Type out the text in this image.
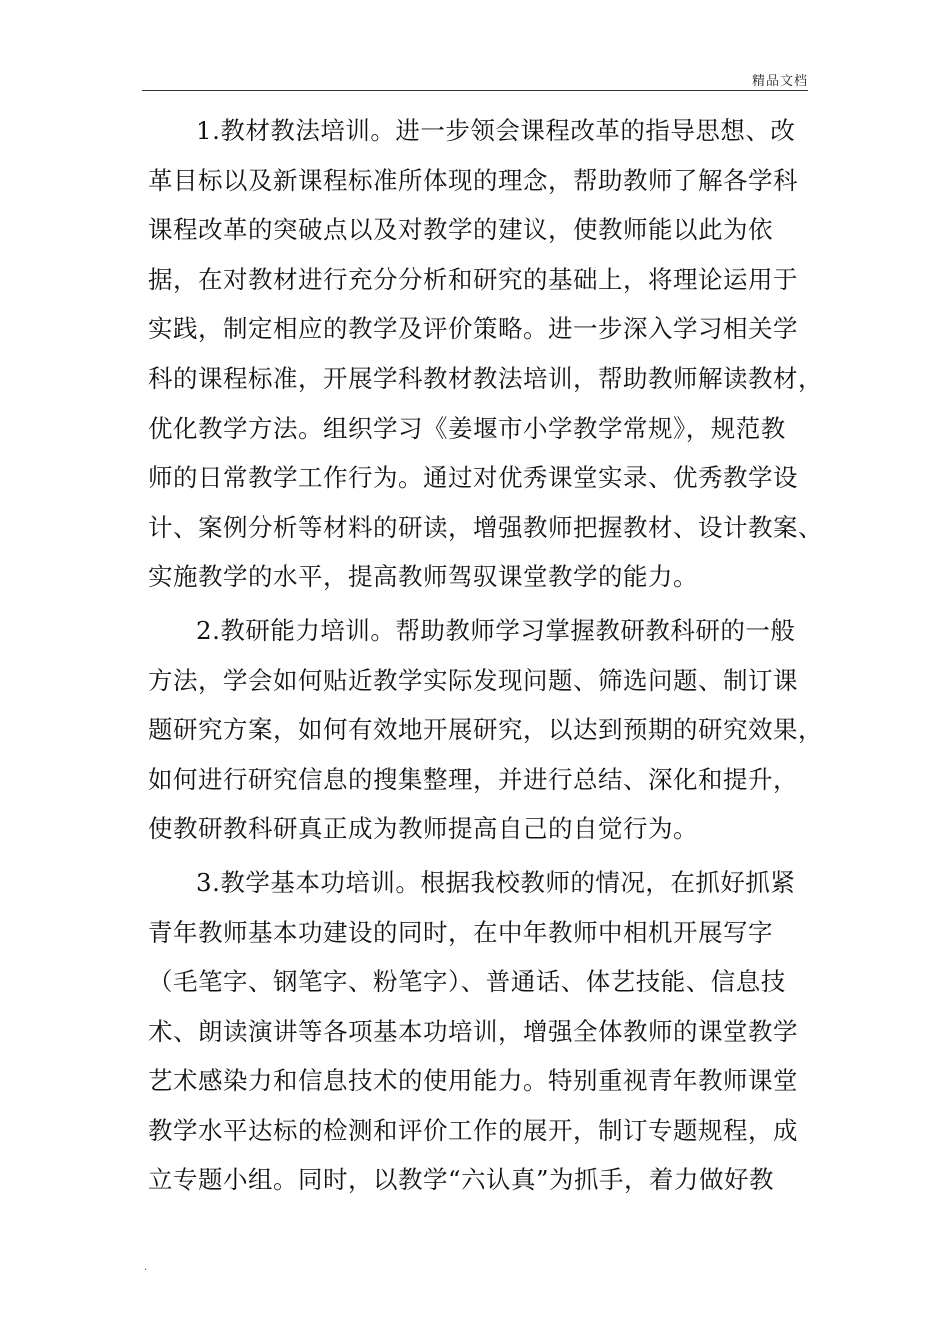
精品文档
1.教材教法培训。进一步领会课程改革的指导思想、改
革目标以及新课程标准所体现的理念，帮助教师了解各学科
课程改革的突破点以及对教学的建议，使教师能以此为依
据，在对教材进行充分分析和研究的基础上，将理论运用于
实践，制定相应的教学及评价策略。进一步深入学习相关学
科的课程标准，开展学科教材教法培训，帮助教师解读教材，
优化教学方法。组织学习《姜堰市小学教学常规》，规范教
师的日常教学工作行为。通过对优秀课堂实录、优秀教学设
计、案例分析等材料的研读，增强教师把握教材、设计教案、
实施教学的水平，提高教师驾驭课堂教学的能力。
2.教研能力培训。帮助教师学习掌握教研教科研的一般
方法，学会如何贴近教学实际发现问题、筛选问题、制订课
题研究方案，如何有效地开展研究，以达到预期的研究效果，
如何进行研究信息的搜集整理，并进行总结、深化和提升，
使教研教科研真正成为教师提高自己的自觉行为。
3.教学基本功培训。根据我校教师的情况，在抓好抓紧
青年教师基本功建设的同时，在中年教师中相机开展写字
（毛笔字、钢笔字、粉笔字）、普通话、体艺技能、信息技
术、朗读演讲等各项基本功培训，增强全体教师的课堂教学
艺术感染力和信息技术的使用能力。特别重视青年教师课堂
教学水平达标的检测和评价工作的展开，制订专题规程，成
立专题小组。同时，以教学“六认真”为抓手，着力做好教
.
